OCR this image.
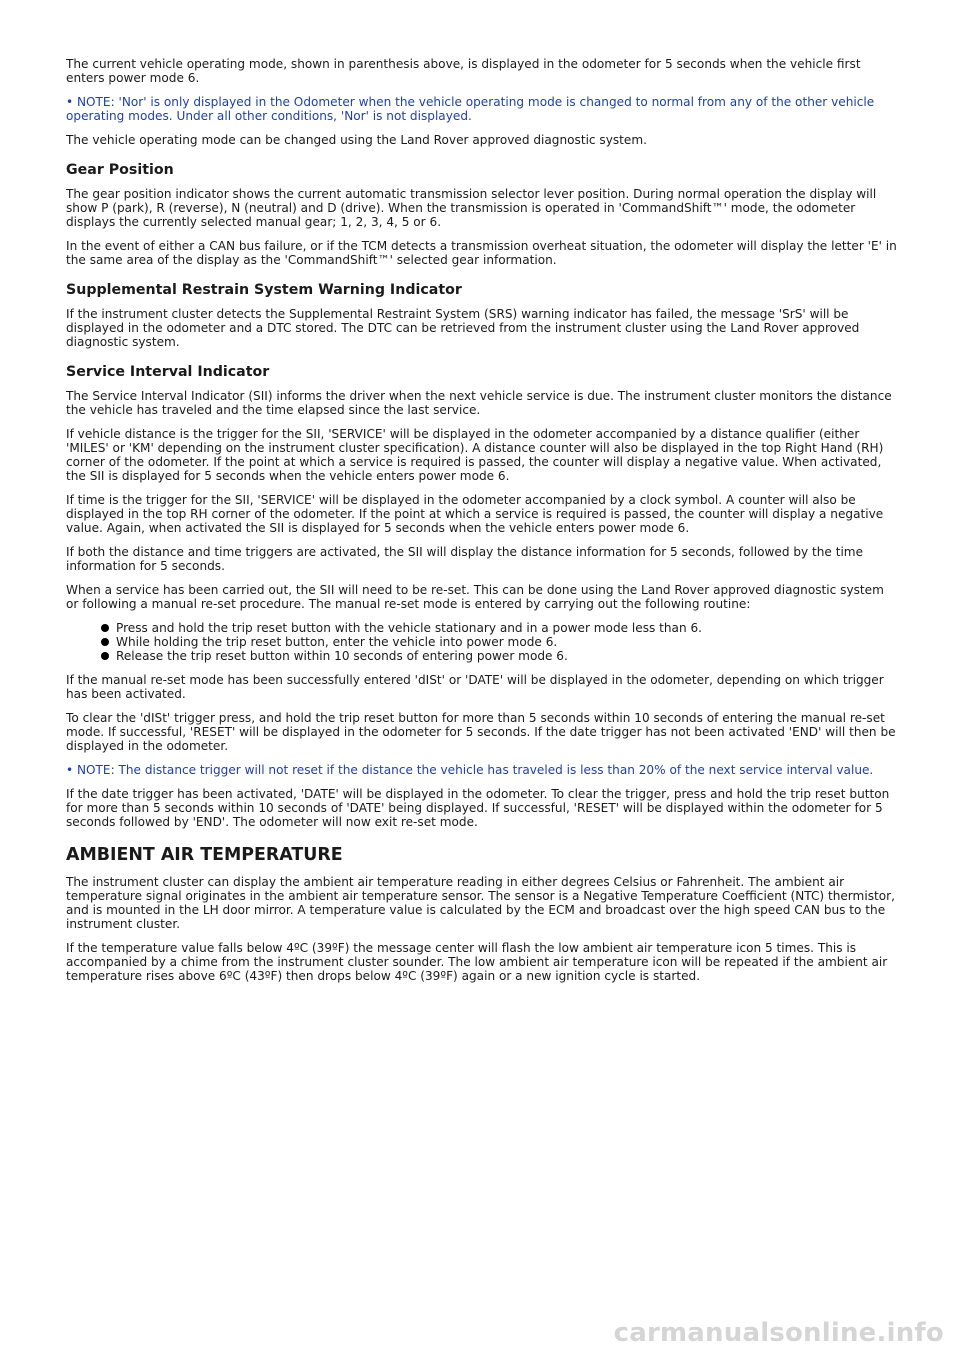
The current vehicle operating mode, shown in parenthesis above, is displayed in the odometer for 5 seconds when the vehicle first enters power mode 6.

• NOTE: 'Nor' is only displayed in the Odometer when the vehicle operating mode is changed to normal from any of the other vehicle operating modes. Under all other conditions, 'Nor' is not displayed.

The vehicle operating mode can be changed using the Land Rover approved diagnostic system.

Gear Position

The gear position indicator shows the current automatic transmission selector lever position. During normal operation the display will show P (park), R (reverse), N (neutral) and D (drive). When the transmission is operated in 'CommandShift™' mode, the odometer displays the currently selected manual gear; 1, 2, 3, 4, 5 or 6.

In the event of either a CAN bus failure, or if the TCM detects a transmission overheat situation, the odometer will display the letter 'E' in the same area of the display as the 'CommandShift™' selected gear information.

Supplemental Restrain System Warning Indicator

If the instrument cluster detects the Supplemental Restraint System (SRS) warning indicator has failed, the message 'SrS' will be displayed in the odometer and a DTC stored. The DTC can be retrieved from the instrument cluster using the Land Rover approved diagnostic system.

Service Interval Indicator

The Service Interval Indicator (SII) informs the driver when the next vehicle service is due. The instrument cluster monitors the distance the vehicle has traveled and the time elapsed since the last service.

If vehicle distance is the trigger for the SII, 'SERVICE' will be displayed in the odometer accompanied by a distance qualifier (either 'MILES' or 'KM' depending on the instrument cluster specification). A distance counter will also be displayed in the top Right Hand (RH) corner of the odometer. If the point at which a service is required is passed, the counter will display a negative value. When activated, the SII is displayed for 5 seconds when the vehicle enters power mode 6.

If time is the trigger for the SII, 'SERVICE' will be displayed in the odometer accompanied by a clock symbol. A counter will also be displayed in the top RH corner of the odometer. If the point at which a service is required is passed, the counter will display a negative value. Again, when activated the SII is displayed for 5 seconds when the vehicle enters power mode 6.

If both the distance and time triggers are activated, the SII will display the distance information for 5 seconds, followed by the time information for 5 seconds.

When a service has been carried out, the SII will need to be re-set. This can be done using the Land Rover approved diagnostic system or following a manual re-set procedure. The manual re-set mode is entered by carrying out the following routine:

Press and hold the trip reset button with the vehicle stationary and in a power mode less than 6.
While holding the trip reset button, enter the vehicle into power mode 6.
Release the trip reset button within 10 seconds of entering power mode 6.

If the manual re-set mode has been successfully entered 'dISt' or 'DATE' will be displayed in the odometer, depending on which trigger has been activated.

To clear the 'dISt' trigger press, and hold the trip reset button for more than 5 seconds within 10 seconds of entering the manual re-set mode. If successful, 'RESET' will be displayed in the odometer for 5 seconds. If the date trigger has not been activated 'END' will then be displayed in the odometer.

• NOTE: The distance trigger will not reset if the distance the vehicle has traveled is less than 20% of the next service interval value.

If the date trigger has been activated, 'DATE' will be displayed in the odometer. To clear the trigger, press and hold the trip reset button for more than 5 seconds within 10 seconds of 'DATE' being displayed. If successful, 'RESET' will be displayed within the odometer for 5 seconds followed by 'END'. The odometer will now exit re-set mode.

AMBIENT AIR TEMPERATURE

The instrument cluster can display the ambient air temperature reading in either degrees Celsius or Fahrenheit. The ambient air temperature signal originates in the ambient air temperature sensor. The sensor is a Negative Temperature Coefficient (NTC) thermistor, and is mounted in the LH door mirror. A temperature value is calculated by the ECM and broadcast over the high speed CAN bus to the instrument cluster.

If the temperature value falls below 4ºC (39ºF) the message center will flash the low ambient air temperature icon 5 times. This is accompanied by a chime from the instrument cluster sounder. The low ambient air temperature icon will be repeated if the ambient air temperature rises above 6ºC (43ºF) then drops below 4ºC (39ºF) again or a new ignition cycle is started.

carmanualsonline.info
